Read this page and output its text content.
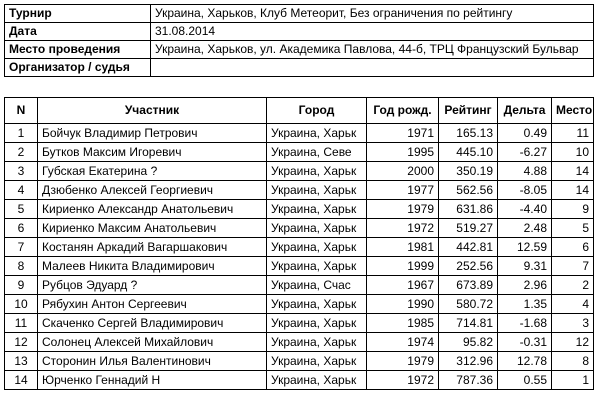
Турнир	Украина, Харьков, Клуб Метеорит, Без ограничения по рейтингу
Дата	31.08.2014
Место проведения	Украина, Харьков, ул. Академика Павлова, 44-б, ТРЦ Французский Бульвар
Организатор / судья	
N	Участник	Город	Год рожд.	Рейтинг	Дельта	Место
1	Бойчук Владимир Петрович	Украина, Харьк	1971	165.13	0.49	11
2	Бутков Максим Игоревич	Украина, Севе	1995	445.10	-6.27	10
3	Губская Екатерина ?	Украина, Харьк	2000	350.19	4.88	14
4	Дзюбенко Алексей Георгиевич	Украина, Харьк	1977	562.56	-8.05	14
5	Кириенко Александр Анатольевич	Украина, Харьк	1979	631.86	-4.40	9
6	Кириенко Максим Анатольевич	Украина, Харьк	1972	519.27	2.48	5
7	Костанян Аркадий Вагаршакович	Украина, Харьк	1981	442.81	12.59	6
8	Малеев Никита Владимирович	Украина, Харьк	1999	252.56	9.31	7
9	Рубцов Эдуард ?	Украина, Счас	1967	673.89	2.96	2
10	Рябухин Антон Сергеевич	Украина, Харьк	1990	580.72	1.35	4
11	Скаченко Сергей Владимирович	Украина, Харьк	1985	714.81	-1.68	3
12	Солонец Алексей Михайлович	Украина, Харьк	1974	95.82	-0.31	12
13	Сторонин Илья Валентинович	Украина, Харьк	1979	312.96	12.78	8
14	Юрченко Геннадий Н	Украина, Харьк	1972	787.36	0.55	1
